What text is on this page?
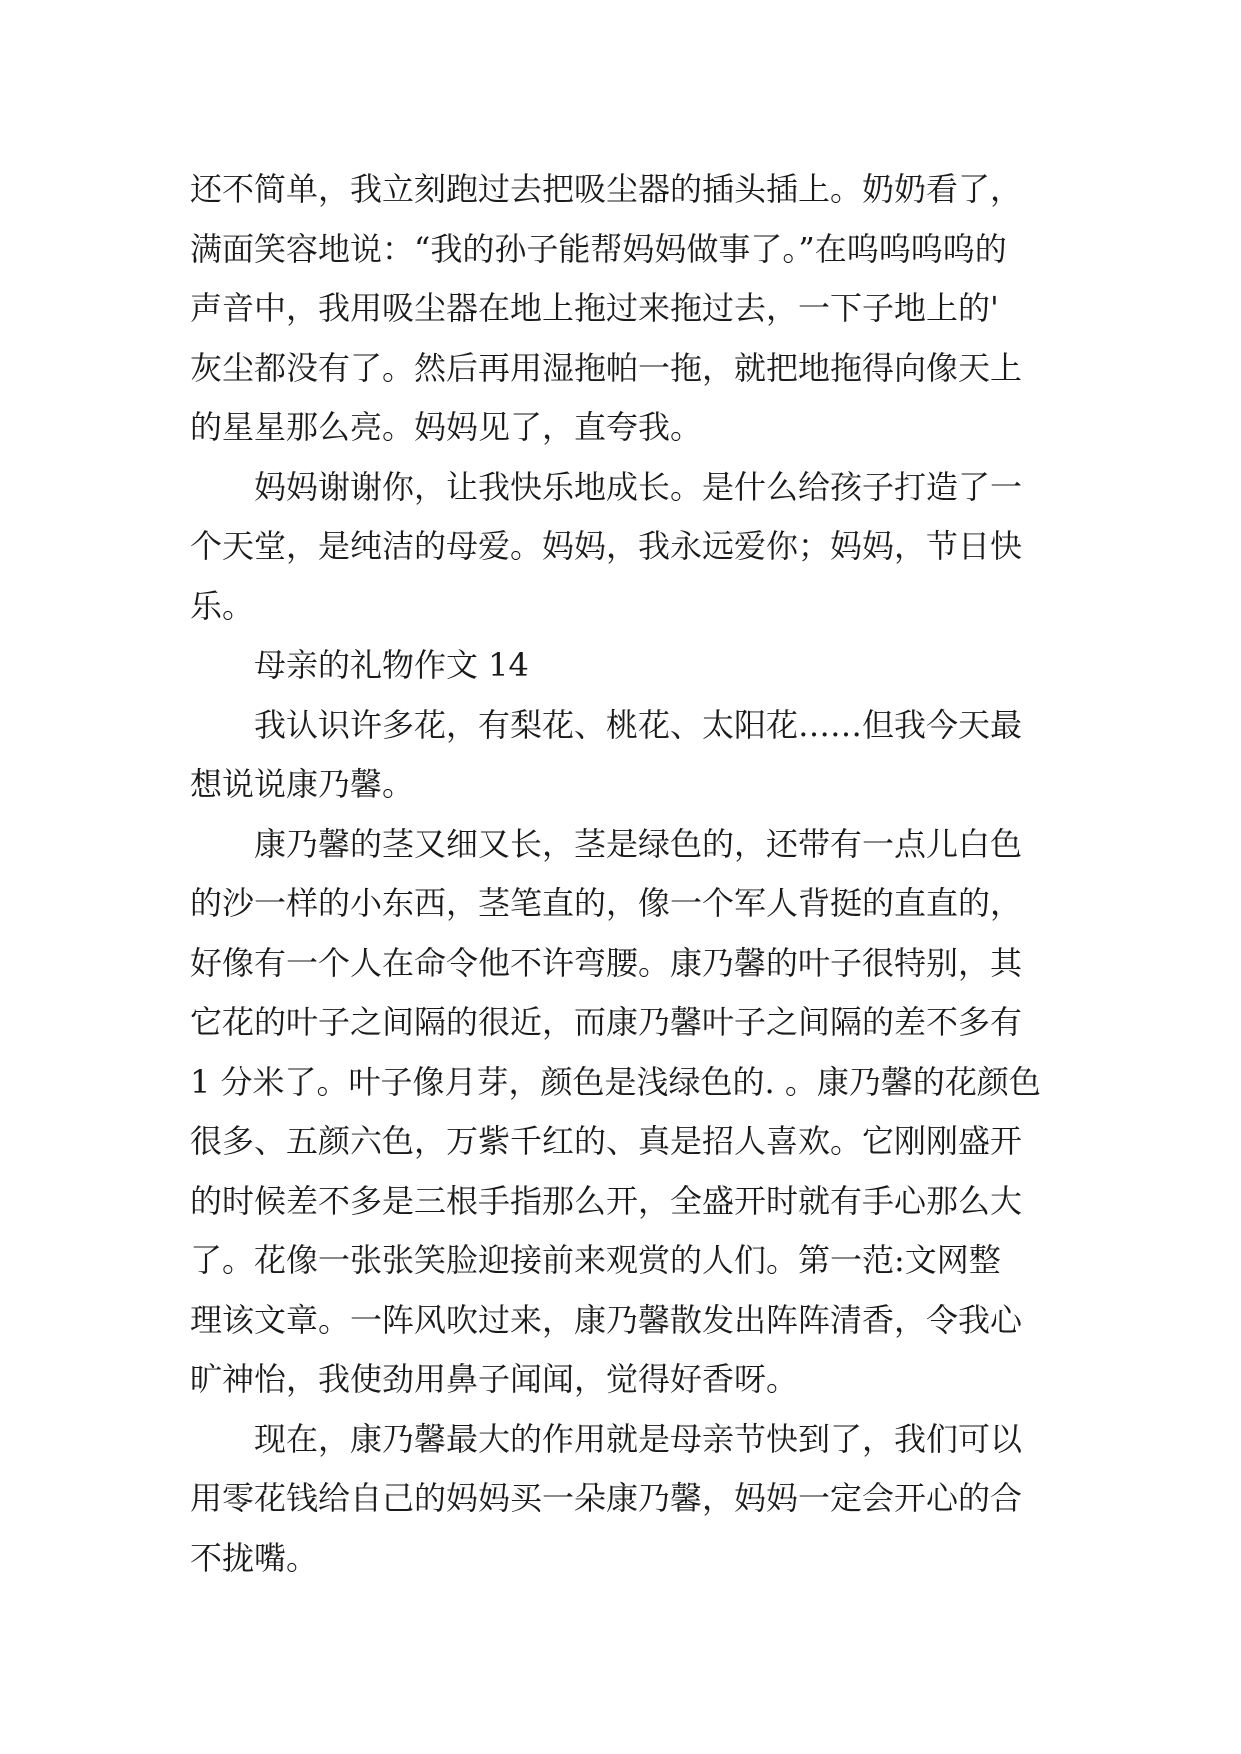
还不简单，我立刻跑过去把吸尘器的插头插上。奶奶看了，
满面笑容地说：“我的孙子能帮妈妈做事了。”在呜呜呜呜的
声音中，我用吸尘器在地上拖过来拖过去，一下子地上的'
灰尘都没有了。然后再用湿拖帕一拖，就把地拖得向像天上
的星星那么亮。妈妈见了，直夸我。
　　妈妈谢谢你，让我快乐地成长。是什么给孩子打造了一
个天堂，是纯洁的母爱。妈妈，我永远爱你；妈妈，节日快
乐。
　　母亲的礼物作文 14
　　我认识许多花，有梨花、桃花、太阳花……但我今天最
想说说康乃馨。
　　康乃馨的茎又细又长，茎是绿色的，还带有一点儿白色
的沙一样的小东西，茎笔直的，像一个军人背挺的直直的，
好像有一个人在命令他不许弯腰。康乃馨的叶子很特别，其
它花的叶子之间隔的很近，而康乃馨叶子之间隔的差不多有
1 分米了。叶子像月芽，颜色是浅绿色的. 。康乃馨的花颜色
很多、五颜六色，万紫千红的、真是招人喜欢。它刚刚盛开
的时候差不多是三根手指那么开，全盛开时就有手心那么大
了。花像一张张笑脸迎接前来观赏的人们。第一范:文网整
理该文章。一阵风吹过来，康乃馨散发出阵阵清香，令我心
旷神怡，我使劲用鼻子闻闻，觉得好香呀。
　　现在，康乃馨最大的作用就是母亲节快到了，我们可以
用零花钱给自己的妈妈买一朵康乃馨，妈妈一定会开心的合
不拢嘴。
